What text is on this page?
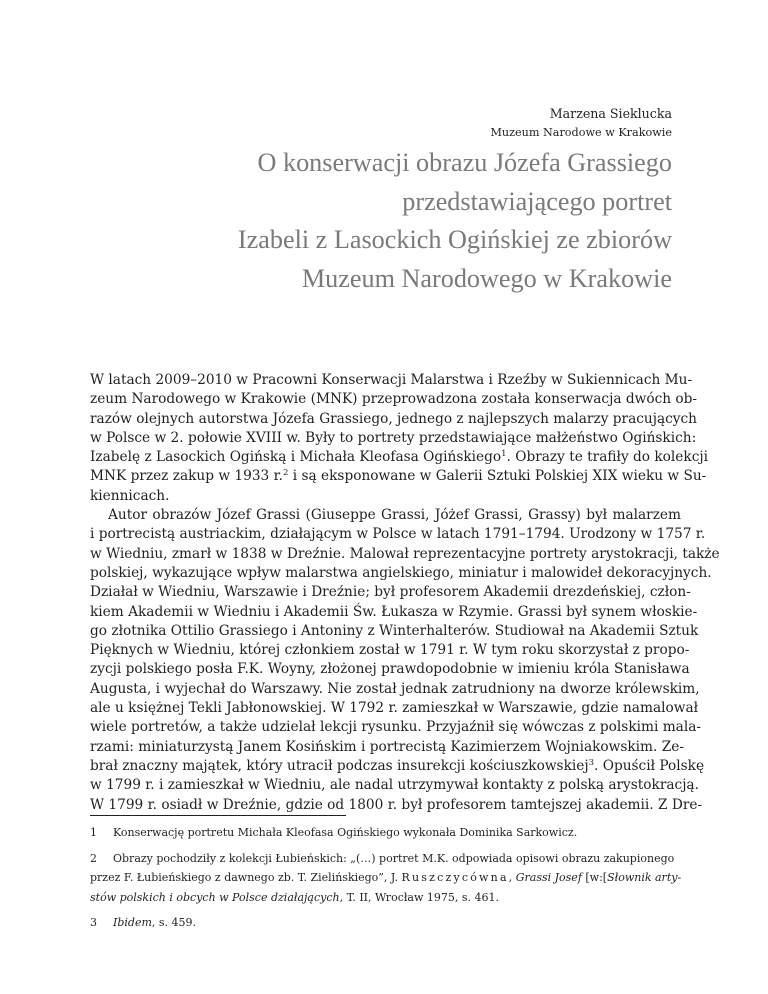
Marzena Sieklucka
Muzeum Narodowe w Krakowie
O konserwacji obrazu Józefa Grassiego
przedstawiającego portret
Izabeli z Lasockich Ogińskiej ze zbiorów
Muzeum Narodowego w Krakowie
W latach 2009–2010 w Pracowni Konserwacji Malarstwa i Rzeźby w Sukiennicach Mu-
zeum Narodowego w Krakowie (MNK) przeprowadzona została konserwacja dwóch ob-
razów olejnych autorstwa Józefa Grassiego, jednego z najlepszych malarzy pracujących
w Polsce w 2. połowie XVIII w. Były to portrety przedstawiające małżeństwo Ogińskich:
Izabelę z Lasockich Ogińską i Michała Kleofasa Ogińskiego$^1$. Obrazy te trafiły do kolekcji
MNK przez zakup w 1933 r.$^2$ i są eksponowane w Galerii Sztuki Polskiej XIX wieku w Su-
kiennicach.
Autor obrazów Józef Grassi (Giuseppe Grassi, Jóżef Grassi, Grassy) był malarzem
i portrecistą austriackim, działającym w Polsce w latach 1791–1794. Urodzony w 1757 r.
w Wiedniu, zmarł w 1838 w Dreźnie. Malował reprezentacyjne portrety arystokracji, także
polskiej, wykazujące wpływ malarstwa angielskiego, miniatur i malowideł dekoracyjnych.
Działał w Wiedniu, Warszawie i Dreźnie; był profesorem Akademii drezdeńskiej, człon-
kiem Akademii w Wiedniu i Akademii Św. Łukasza w Rzymie. Grassi był synem włoskie-
go złotnika Ottilio Grassiego i Antoniny z Winterhalterów. Studiował na Akademii Sztuk
Pięknych w Wiedniu, której członkiem został w 1791 r. W tym roku skorzystał z propo-
zycji polskiego posła F.K. Woyny, złożonej prawdopodobnie w imieniu króla Stanisława
Augusta, i wyjechał do Warszawy. Nie został jednak zatrudniony na dworze królewskim,
ale u księżnej Tekli Jabłonowskiej. W 1792 r. zamieszkał w Warszawie, gdzie namalował
wiele portretów, a także udzielał lekcji rysunku. Przyjaźnił się wówczas z polskimi mala-
rzami: miniaturzystą Janem Kosińskim i portrecistą Kazimierzem Wojniakowskim. Ze-
brał znaczny majątek, który utracił podczas insurekcji kościuszkowskiej$^3$. Opuścił Polskę
w 1799 r. i zamieszkał w Wiedniu, ale nadal utrzymywał kontakty z polską arystokracją.
W 1799 r. osiadł w Dreźnie, gdzie od 1800 r. był profesorem tamtejszej akademii. Z Dre-
1	Konserwację portretu Michała Kleofasa Ogińskiego wykonała Dominika Sarkowicz.
2	Obrazy pochodziły z kolekcji Łubieńskich: „(…) portret M.K. odpowiada opisowi obrazu zakupionego
przez F. Łubieńskiego z dawnego zb. T. Zielińskiego”, J. Ruszczycówna, Grassi Josef [w:[Słownik arty-
stów polskich i obcych w Polsce działających, T. II, Wrocław 1975, s. 461.
3	Ibidem, s. 459.
